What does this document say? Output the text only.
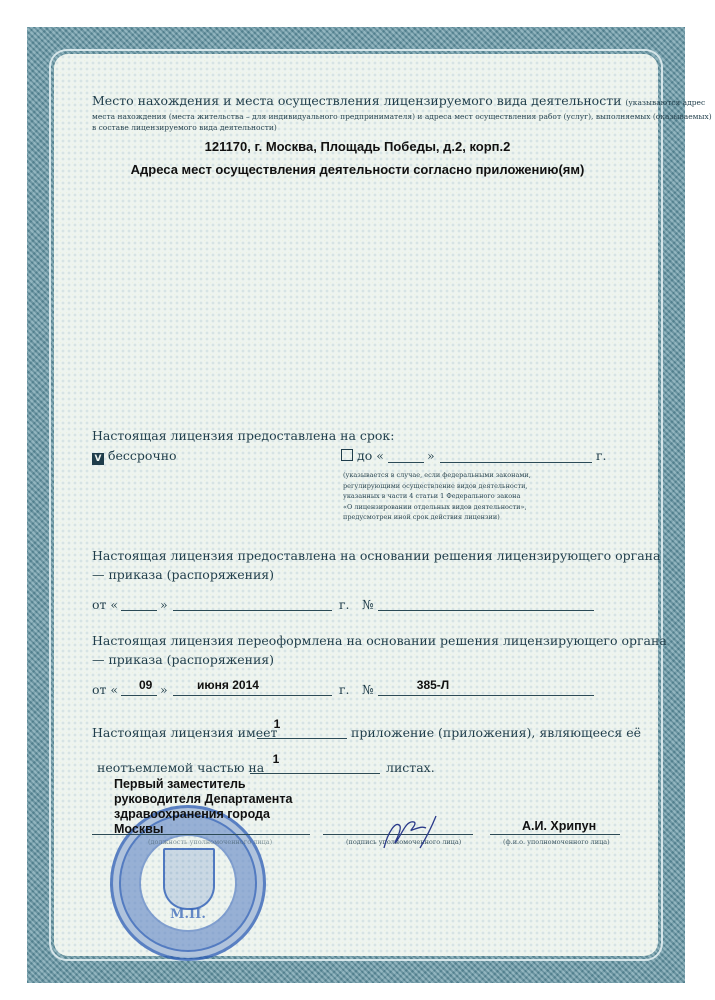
Место нахождения и места осуществления лицензируемого вида деятельности (указываются адрес
места нахождения (места жительства – для индивидуального предпринимателя) и адреса мест осуществления работ (услуг), выполняемых (оказываемых)
в составе лицензируемого вида деятельности)
121170, г. Москва, Площадь Победы, д.2, корп.2
Адреса мест осуществления деятельности согласно приложению(ям)
Настоящая лицензия предоставлена на срок:
V бессрочно	до «	»	г.
(указывается в случае, если федеральными законами,
регулирующими осуществление видов деятельности,
указанных в части 4 статьи 1 Федерального закона
«О лицензировании отдельных видов деятельности»,
предусмотрен иной срок действия лицензии)
Настоящая лицензия предоставлена на основании решения лицензирующего органа
— приказа (распоряжения)
от «	»	г. №
Настоящая лицензия переоформлена на основании решения лицензирующего органа
— приказа (распоряжения)
от «	09 »	июня 2014	г. №	385-Л
Настоящая лицензия имеет
1
приложение (приложения), являющееся её
неотъемлемой частью на
1
листах.
М.П.
Первый заместитель
руководителя Департамента
здравоохранения города
Москвы
(должность уполномоченного лица)	(подпись уполномоченного лица)
А.И. Хрипун
(ф.и.о. уполномоченного лица)
